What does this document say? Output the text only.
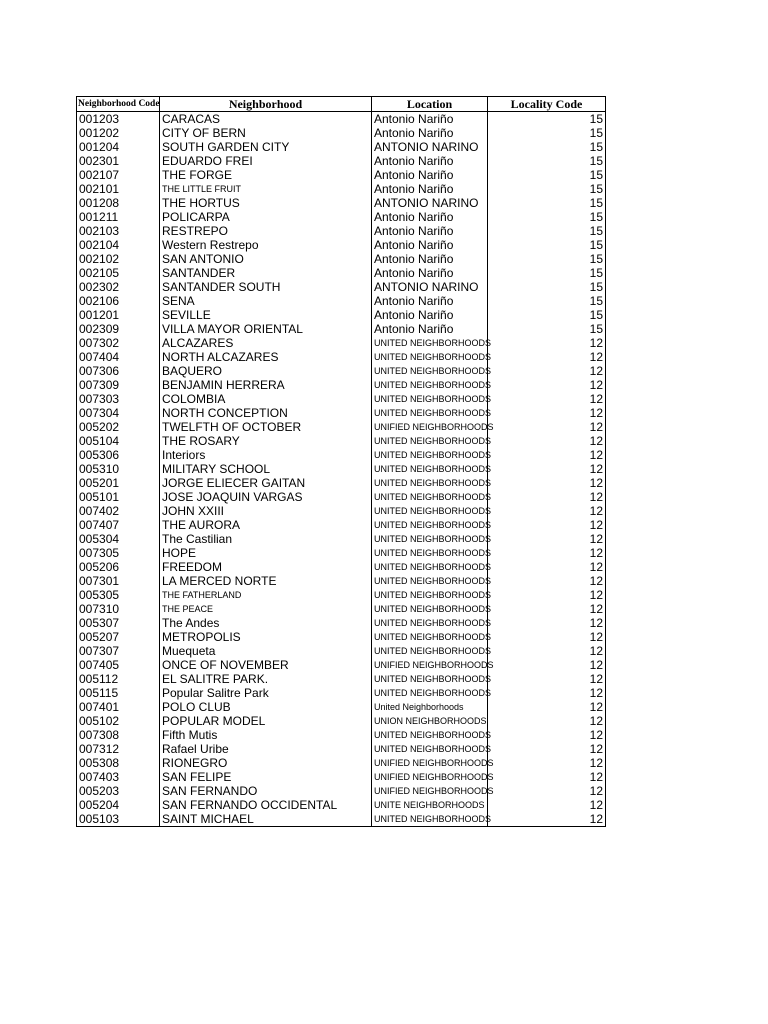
Neighborhood Code	Neighborhood	Location	Locality Code
001203	CARACAS	Antonio Nariño	15
001202	CITY OF BERN	Antonio Nariño	15
001204	SOUTH GARDEN CITY	ANTONIO NARINO	15
002301	EDUARDO FREI	Antonio Nariño	15
002107	THE FORGE	Antonio Nariño	15
002101	THE LITTLE FRUIT	Antonio Nariño	15
001208	THE HORTUS	ANTONIO NARINO	15
001211	POLICARPA	Antonio Nariño	15
002103	RESTREPO	Antonio Nariño	15
002104	Western Restrepo	Antonio Nariño	15
002102	SAN ANTONIO	Antonio Nariño	15
002105	SANTANDER	Antonio Nariño	15
002302	SANTANDER SOUTH	ANTONIO NARINO	15
002106	SENA	Antonio Nariño	15
001201	SEVILLE	Antonio Nariño	15
002309	VILLA MAYOR ORIENTAL	Antonio Nariño	15
007302	ALCAZARES	UNITED NEIGHBORHOODS	12
007404	NORTH ALCAZARES	UNITED NEIGHBORHOODS	12
007306	BAQUERO	UNITED NEIGHBORHOODS	12
007309	BENJAMIN HERRERA	UNITED NEIGHBORHOODS	12
007303	COLOMBIA	UNITED NEIGHBORHOODS	12
007304	NORTH CONCEPTION	UNITED NEIGHBORHOODS	12
005202	TWELFTH OF OCTOBER	UNIFIED NEIGHBORHOODS	12
005104	THE ROSARY	UNITED NEIGHBORHOODS	12
005306	Interiors	UNITED NEIGHBORHOODS	12
005310	MILITARY SCHOOL	UNITED NEIGHBORHOODS	12
005201	JORGE ELIECER GAITAN	UNITED NEIGHBORHOODS	12
005101	JOSE JOAQUIN VARGAS	UNITED NEIGHBORHOODS	12
007402	JOHN XXIII	UNITED NEIGHBORHOODS	12
007407	THE AURORA	UNITED NEIGHBORHOODS	12
005304	The Castilian	UNITED NEIGHBORHOODS	12
007305	HOPE	UNITED NEIGHBORHOODS	12
005206	FREEDOM	UNITED NEIGHBORHOODS	12
007301	LA MERCED NORTE	UNITED NEIGHBORHOODS	12
005305	THE FATHERLAND	UNITED NEIGHBORHOODS	12
007310	THE PEACE	UNITED NEIGHBORHOODS	12
005307	The Andes	UNITED NEIGHBORHOODS	12
005207	METROPOLIS	UNITED NEIGHBORHOODS	12
007307	Muequeta	UNITED NEIGHBORHOODS	12
007405	ONCE OF NOVEMBER	UNIFIED NEIGHBORHOODS	12
005112	EL SALITRE PARK.	UNITED NEIGHBORHOODS	12
005115	Popular Salitre Park	UNITED NEIGHBORHOODS	12
007401	POLO CLUB	United Neighborhoods	12
005102	POPULAR MODEL	UNION NEIGHBORHOODS	12
007308	Fifth Mutis	UNITED NEIGHBORHOODS	12
007312	Rafael Uribe	UNITED NEIGHBORHOODS	12
005308	RIONEGRO	UNIFIED NEIGHBORHOODS	12
007403	SAN FELIPE	UNIFIED NEIGHBORHOODS	12
005203	SAN FERNANDO	UNIFIED NEIGHBORHOODS	12
005204	SAN FERNANDO OCCIDENTAL	UNITE NEIGHBORHOODS	12
005103	SAINT MICHAEL	UNITED NEIGHBORHOODS	12
